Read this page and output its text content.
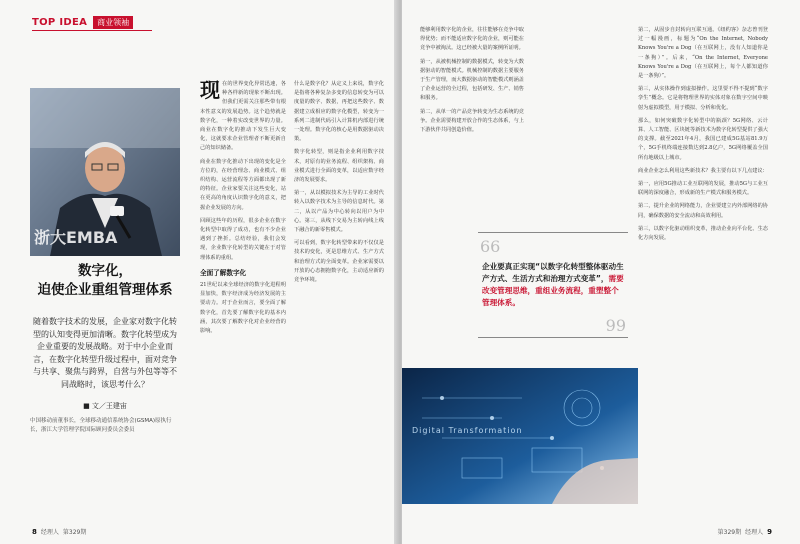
TOP IDEA	商业领袖
浙大EMBA
数字化，
迫使企业重组管理体系
随着数字技术的发展，企业家对数字化转型的认知变得更加清晰。数字化转型成为企业重要的发展战略。对于中小企业而言，在数字化转型升级过程中，面对竞争与共享、聚焦与跨界，自营与外包等等不同战略时，该思考什么？
■ 文／王建宙
中国移动前董事长，全球移动通信系统协会(GSMA)原执行长，浙江大学管理学院国际顾问委员会委员
现 在的世界变化异常迅速，各种各样新的现象不断出现。但我们更需关注那些带有根本性意义的发展趋势。这个趋势就是数字化，一种着实改变世界的力量。商业在数字化的推动下发生巨大变化，这就要求企业管理者不断更新自己的知识储备。

商业在数字化推动下出现的变化是全方位的，在经营理念、商业模式、组织结构、运营流程等方面都出现了新的特征。企业家要关注这些变化，站在更高的角度认识数字化的意义，把握企业发展的方向。

回顾这些年的历程，很多企业在数字化转型中取得了成功，也有不少企业遇到了挫折。总结经验，我们会发现，企业数字化转型的关键在于对管理体系的重组。

全面了解数字化

21世纪以来全球经济的数字化进程明显加快，数字经济成为经济发展的主要动力。对于企业而言，要全面了解数字化，首先要了解数字化的基本内涵，其次要了解数字化对企业经营的影响。

什么是数字化？从定义上来说，数字化是指将各种复杂多变的信息转变为可以度量的数字、数据，再把这些数字、数据建立成相应的数字化模型，转变为一系列二进制代码引入计算机内部进行统一处理。数字化的核心是用数据驱动决策。

数字化转型，则是指企业利用数字技术，对原有的业务流程、组织架构、商业模式进行全面的变革，以适应数字经济的发展要求。

第一，从以模拟技术为主导的工业时代转入以数字技术为主导的信息时代。第二，从以产品为中心转向以用户为中心。第三，从线下交易为主转向线上线下融合的新零售模式。

可以看到，数字化转型带来的不仅仅是技术的变化，更是思维方式、生产方式和治理方式的全面变革。企业家需要以开放的心态拥抱数字化，主动适应新的竞争环境。

8 经理人 第329期

能够利用数字化的企业，往往能够在竞争中取得优势；而不能适应数字化的企业，则可能在竞争中被淘汰。这已经被大量的案例所证明。

第一，从被机械控制的数据模式，转变为大数据驱动的智能模式。机械控制的数据主要服务于生产管理，而大数据驱动的智能模式则涵盖了企业运营的全过程，包括研发、生产、销售和服务。

第二，从单一的产品竞争转变为生态系统的竞争。企业需要构建开放合作的生态体系，与上下游伙伴共同创造价值。

第二，从固步自封转向互联互通。《纽约客》杂志曾刊登过一幅漫画，标题为“On the Internet, Nobody Knows You're a Dog（在互联网上，没有人知道你是一条狗）”。后来，“On the Internet, Everyone Knows You're a Dog（在互联网上，每个人都知道你是一条狗）”。

第三，从实体操作到虚拟操作。这里要不得不提到“数字孪生”概念。它是将物理世界的实体对象在数字空间中映射为虚拟模型，用于模拟、分析和优化。

那么，如何突破数字化转型中的瓶颈？5G网络、云计算、人工智能、区块链等新技术为数字化转型提供了强大的支撑。截至2021年4月，我国已建成5G基站81.9万个，5G手机终端连接数达到2.8亿户，5G网络覆盖全国所有地级以上城市。

商业企业怎么利用这些新技术？我主要有以下几点建议：

第一，应用5G推动工业互联网的发展，推动5G与工业互联网的深度融合，形成新的生产模式和服务模式。

第二，提升企业的网络能力，企业要建立内外部网络的协同，确保数据的安全流动和高效利用。

第三，以数字化驱动组织变革，推动企业向平台化、生态化方向发展。

第329期 经理人 9
66
企业要真正实现“以数字化转型整体驱动生产方式、生活方式和治理方式变革”，需要改变管理思维，重组业务流程，重塑整个管理体系。
99
Digital Transformation
